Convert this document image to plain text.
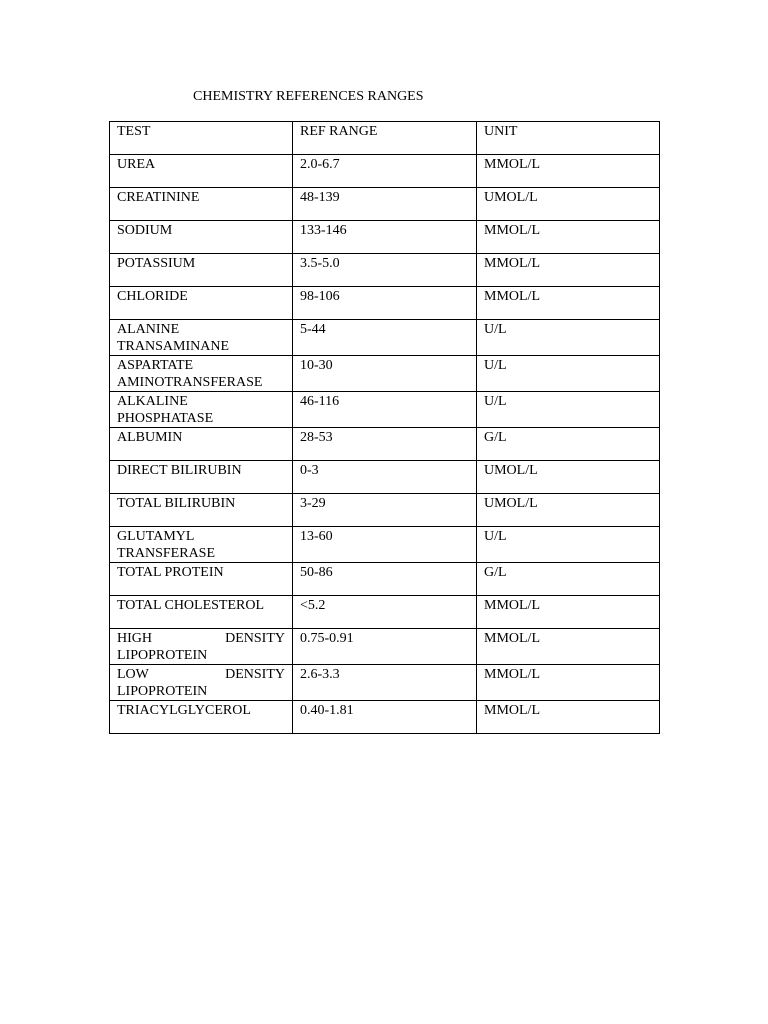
CHEMISTRY REFERENCES RANGES
TEST	REF RANGE	UNIT
UREA	2.0-6.7	MMOL/L
CREATININE	48-139	UMOL/L
SODIUM	133-146	MMOL/L
POTASSIUM	3.5-5.0	MMOL/L
CHLORIDE	98-106	MMOL/L
ALANINE TRANSAMINANE	5-44	U/L
ASPARTATE AMINOTRANSFERASE	10-30	U/L
ALKALINE PHOSPHATASE	46-116	U/L
ALBUMIN	28-53	G/L
DIRECT BILIRUBIN	0-3	UMOL/L
TOTAL BILIRUBIN	3-29	UMOL/L
GLUTAMYL TRANSFERASE	13-60	U/L
TOTAL PROTEIN	50-86	G/L
TOTAL CHOLESTEROL	<5.2	MMOL/L
HIGH DENSITY LIPOPROTEIN	0.75-0.91	MMOL/L
LOW DENSITY LIPOPROTEIN	2.6-3.3	MMOL/L
TRIACYLGLYCEROL	0.40-1.81	MMOL/L
